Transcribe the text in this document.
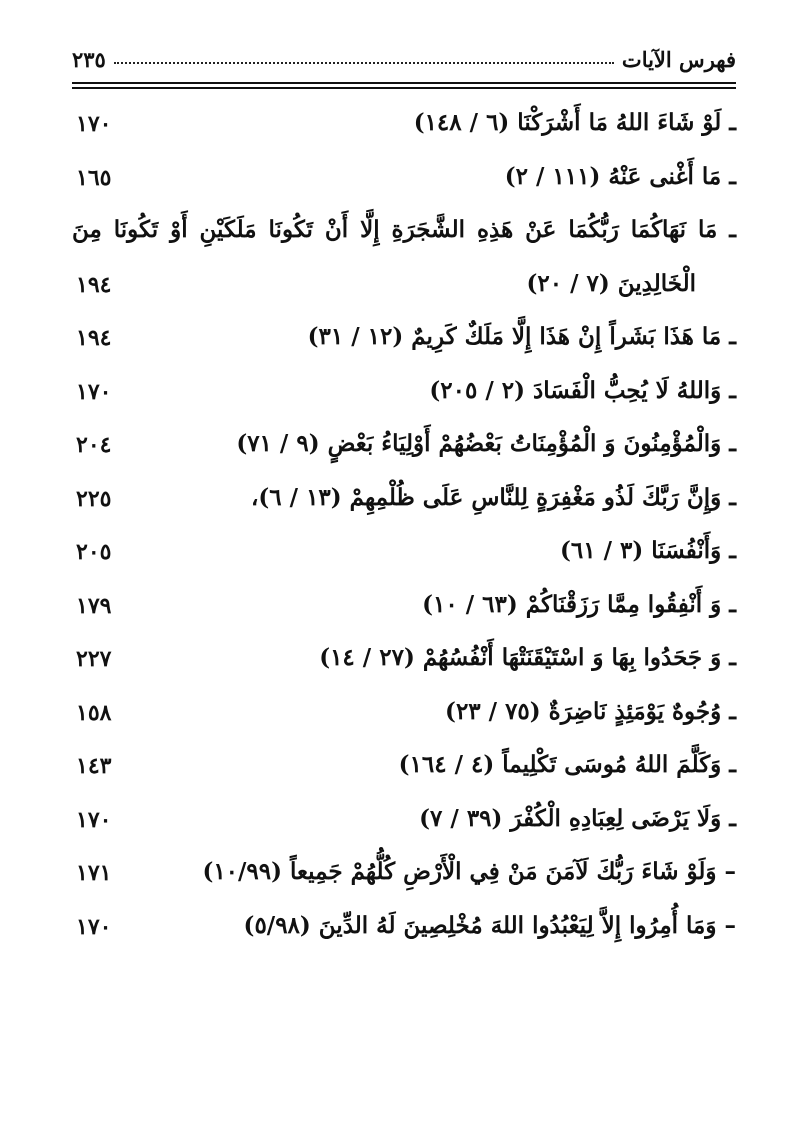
فهرس الآيات
٢٣٥
ـ لَوْ شَاءَ اللهُ مَا أَشْرَكْنَا (٦ / ١٤٨)
١٧٠
ـ مَا أَغْنى عَنْهُ (١١١ / ٢)
١٦٥
ـ مَا نَهَاكُمَا رَبُّكُمَا عَنْ هَذِهِ الشَّجَرَةِ إِلَّا أَنْ تَكُونَا مَلَكَيْنِ أَوْ تَكُونَا مِنَ
الْخَالِدِينَ (٧ / ٢٠)
١٩٤
ـ مَا هَذَا بَشَراً إِنْ هَذَا إِلَّا مَلَكٌ كَرِيمٌ (١٢ / ٣١)
١٩٤
ـ وَاللهُ لَا يُحِبُّ الْفَسَادَ (٢ / ٢٠٥)
١٧٠
ـ وَالْمُؤْمِنُونَ وَ الْمُؤْمِنَاتُ بَعْضُهُمْ أَوْلِيَاءُ بَعْضٍ (٩ / ٧١)
٢٠٤
ـ وَإِنَّ رَبَّكَ لَذُو مَغْفِرَةٍ لِلنَّاسِ عَلَى ظُلْمِهِمْ (١٣ / ٦)،
٢٢٥
ـ وَأَنْفُسَنَا (٣ / ٦١)
٢٠٥
ـ وَ أَنْفِقُوا مِمَّا رَزَقْنَاكُمْ (٦٣ / ١٠)
١٧٩
ـ وَ جَحَدُوا بِهَا وَ اسْتَيْقَنَتْهَا أَنْفُسُهُمْ (٢٧ / ١٤)
٢٢٧
ـ وُجُوهٌ يَوْمَئِذٍ نَاضِرَةٌ (٧٥ / ٢٣)
١٥٨
ـ وَكَلَّمَ اللهُ مُوسَى تَكْلِيماً (٤ / ١٦٤)
١٤٣
ـ وَلَا يَرْضَى لِعِبَادِهِ الْكُفْرَ (٣٩ / ٧)
١٧٠
– وَلَوْ شَاءَ رَبُّكَ لَآمَنَ مَنْ فِي الْأَرْضِ كُلُّهُمْ جَمِيعاً (١٠/٩٩)
١٧١
– وَمَا أُمِرُوا إِلاَّ لِيَعْبُدُوا اللهَ مُخْلِصِينَ لَهُ الدِّينَ (٥/٩٨)
١٧٠
